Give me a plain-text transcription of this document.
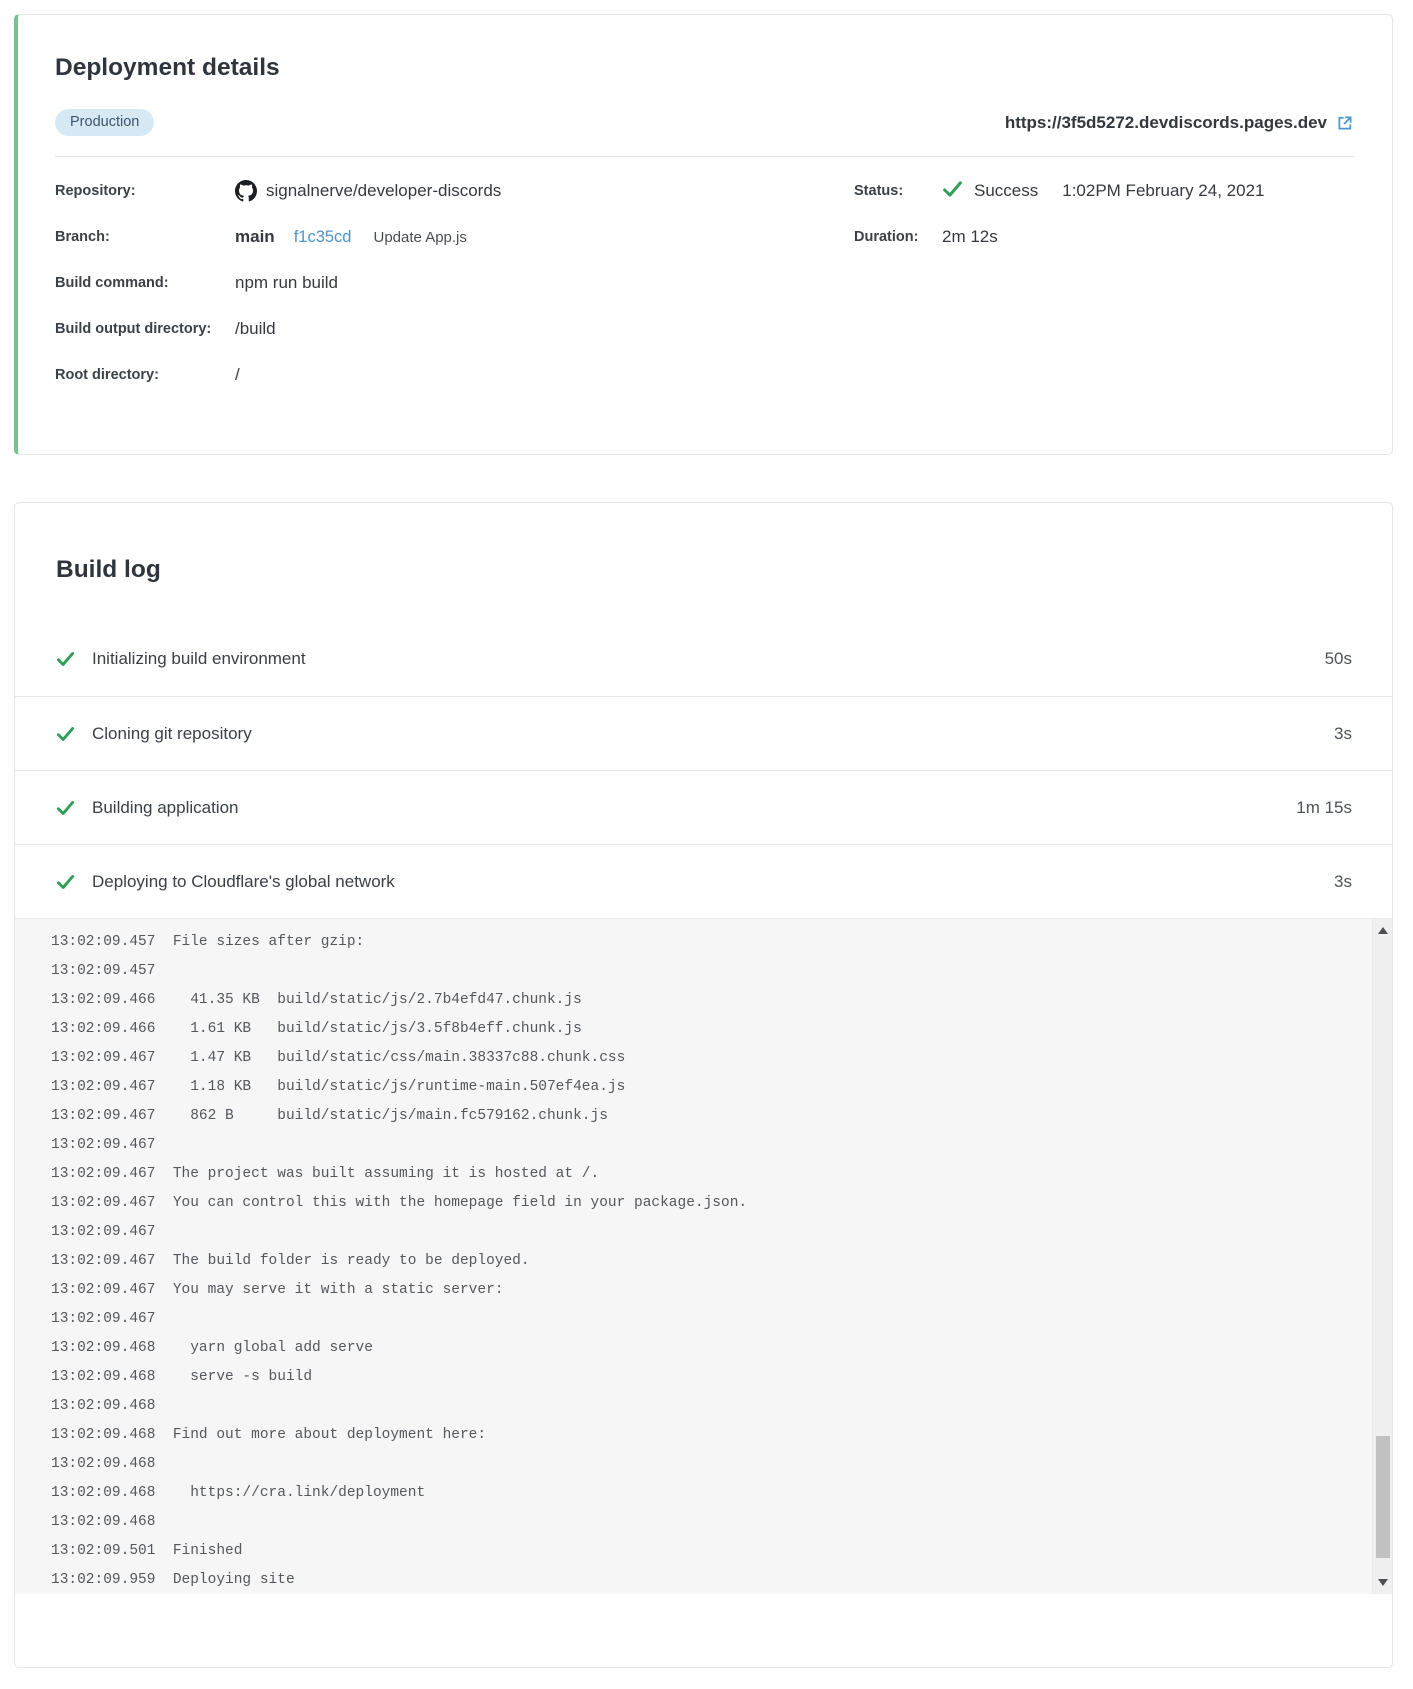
Deployment details
Production	https://3f5d5272.devdiscords.pages.dev
Repository:	signalnerve/developer-discords
Branch:	main f1c35cd Update App.js
Build command:	npm run build
Build output directory:	/build
Root directory:	/
Status:	Success 1:02PM February 24, 2021
Duration:	2m 12s
Build log
Initializing build environment	50s
Cloning git repository	3s
Building application	1m 15s
Deploying to Cloudflare's global network	3s
13:02:09.457  File sizes after gzip:
13:02:09.457
13:02:09.466    41.35 KB  build/static/js/2.7b4efd47.chunk.js
13:02:09.466    1.61 KB   build/static/js/3.5f8b4eff.chunk.js
13:02:09.467    1.47 KB   build/static/css/main.38337c88.chunk.css
13:02:09.467    1.18 KB   build/static/js/runtime-main.507ef4ea.js
13:02:09.467    862 B     build/static/js/main.fc579162.chunk.js
13:02:09.467
13:02:09.467  The project was built assuming it is hosted at /.
13:02:09.467  You can control this with the homepage field in your package.json.
13:02:09.467
13:02:09.467  The build folder is ready to be deployed.
13:02:09.467  You may serve it with a static server:
13:02:09.467
13:02:09.468    yarn global add serve
13:02:09.468    serve -s build
13:02:09.468
13:02:09.468  Find out more about deployment here:
13:02:09.468
13:02:09.468    https://cra.link/deployment
13:02:09.468
13:02:09.501  Finished
13:02:09.959  Deploying site
